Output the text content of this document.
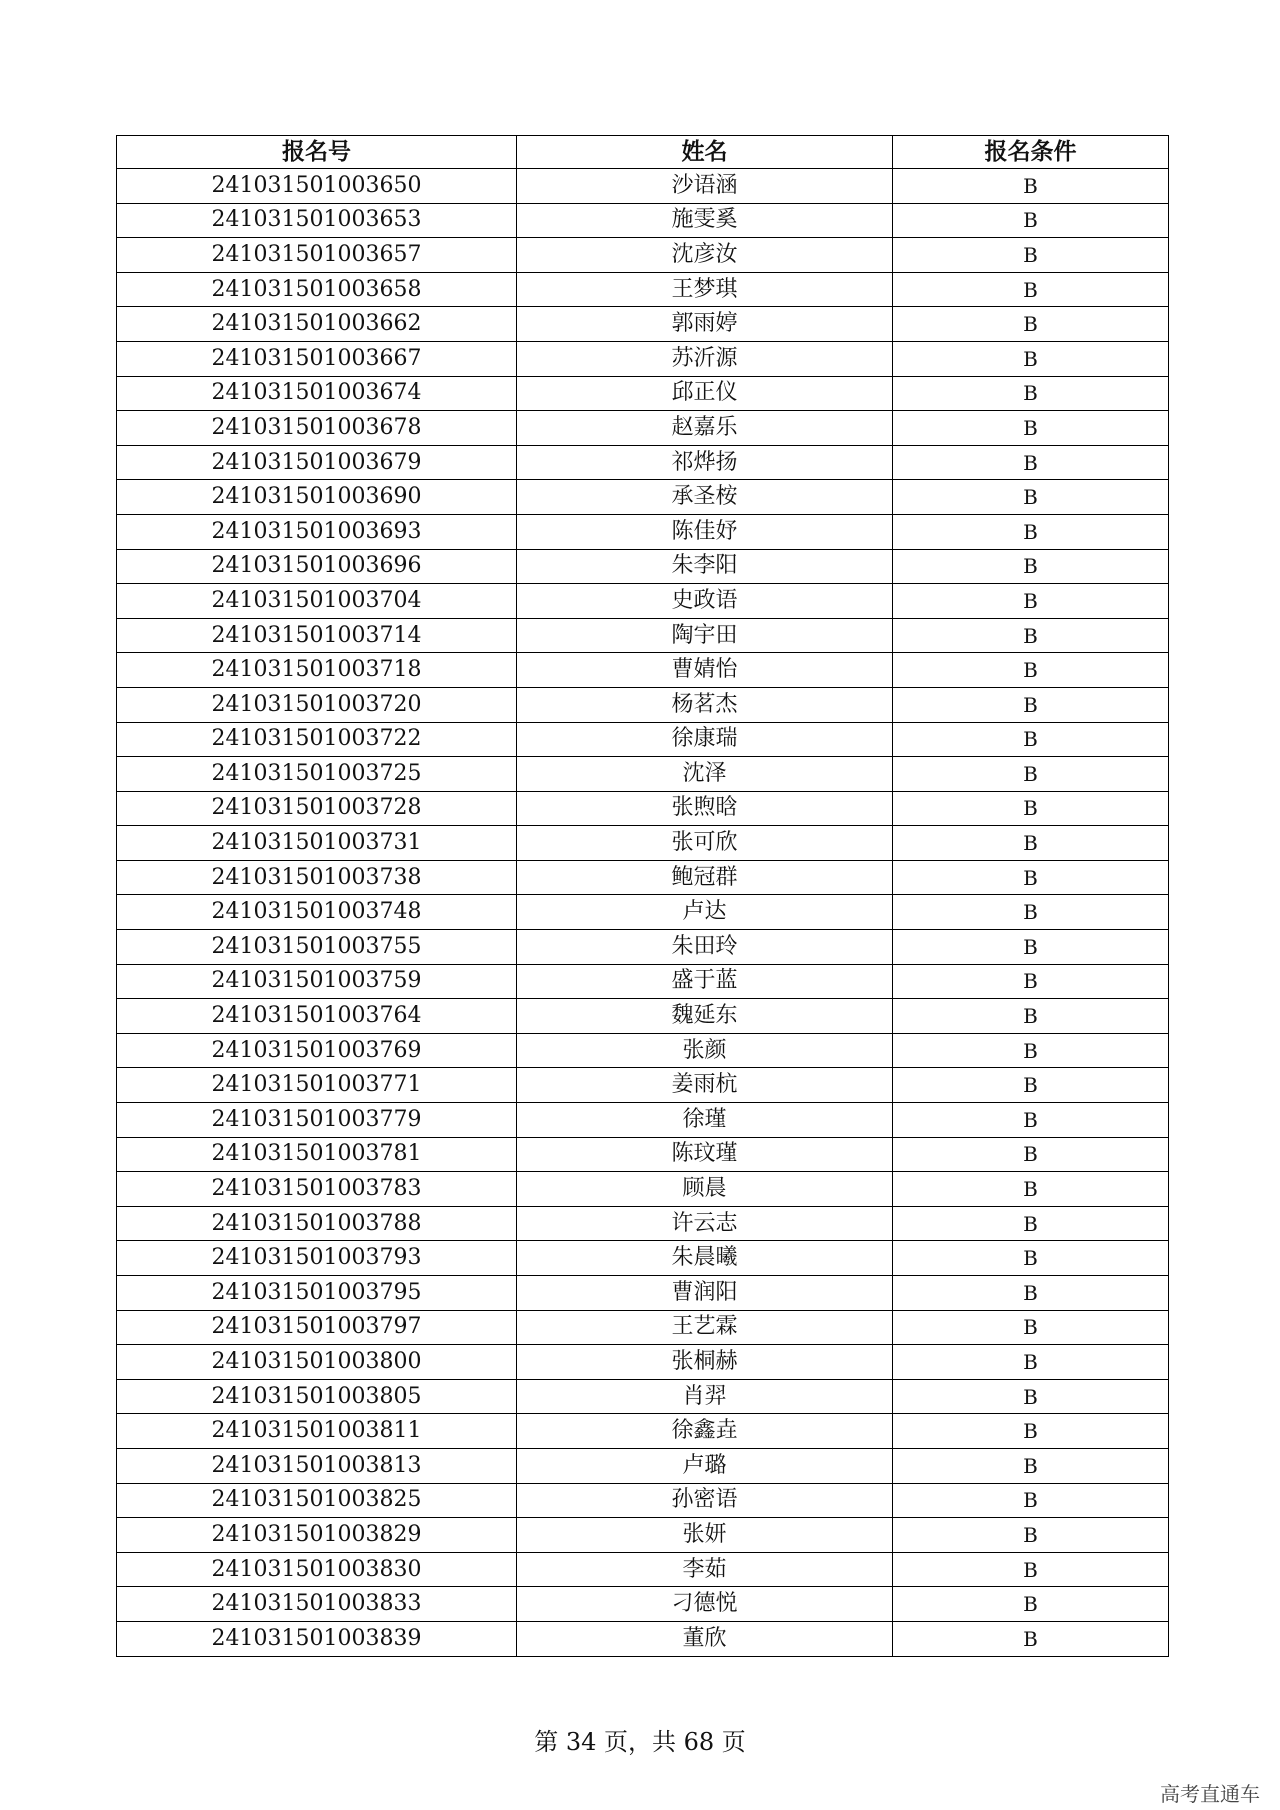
报名号	姓名	报名条件
241031501003650	沙语涵	B
241031501003653	施雯奚	B
241031501003657	沈彦汝	B
241031501003658	王梦琪	B
241031501003662	郭雨婷	B
241031501003667	苏沂源	B
241031501003674	邱正仪	B
241031501003678	赵嘉乐	B
241031501003679	祁烨扬	B
241031501003690	承圣桉	B
241031501003693	陈佳妤	B
241031501003696	朱李阳	B
241031501003704	史政语	B
241031501003714	陶宇田	B
241031501003718	曹婧怡	B
241031501003720	杨茗杰	B
241031501003722	徐康瑞	B
241031501003725	沈泽	B
241031501003728	张煦晗	B
241031501003731	张可欣	B
241031501003738	鲍冠群	B
241031501003748	卢达	B
241031501003755	朱田玲	B
241031501003759	盛于蓝	B
241031501003764	魏延东	B
241031501003769	张颜	B
241031501003771	姜雨杭	B
241031501003779	徐瑾	B
241031501003781	陈玟瑾	B
241031501003783	顾晨	B
241031501003788	许云志	B
241031501003793	朱晨曦	B
241031501003795	曹润阳	B
241031501003797	王艺霖	B
241031501003800	张桐赫	B
241031501003805	肖羿	B
241031501003811	徐鑫垚	B
241031501003813	卢璐	B
241031501003825	孙密语	B
241031501003829	张妍	B
241031501003830	李茹	B
241031501003833	刁德悦	B
241031501003839	董欣	B
第 34 页，共 68 页
高考直通车
